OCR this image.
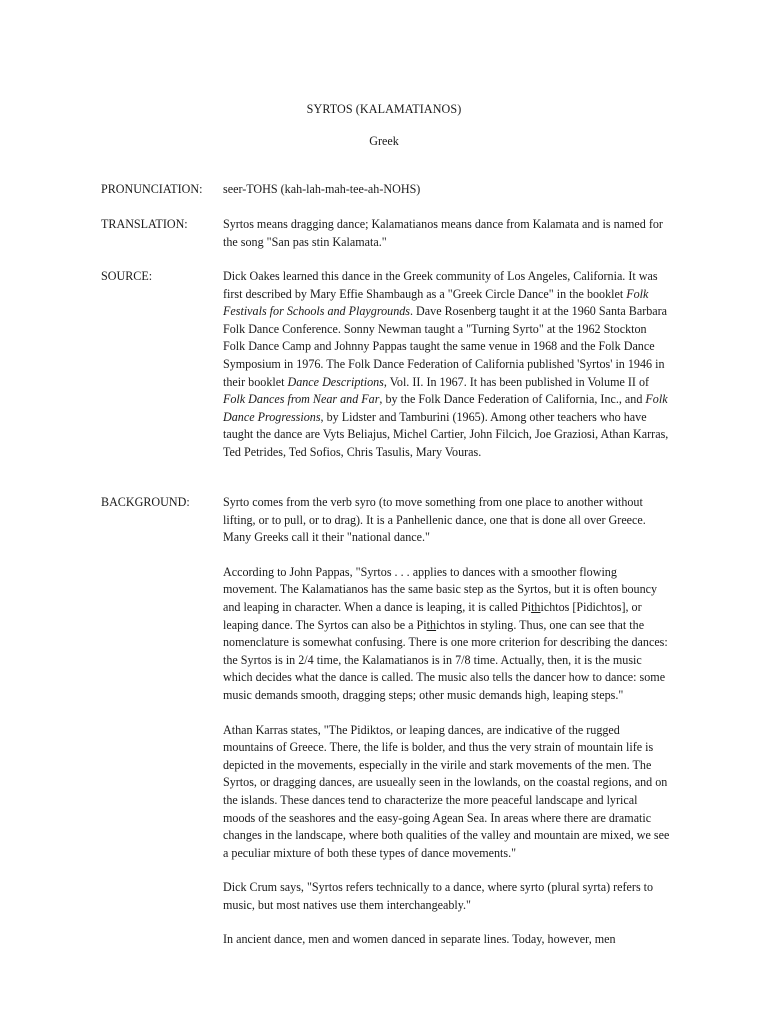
SYRTOS (KALAMATIANOS)
Greek
PRONUNCIATION:	seer-TOHS (kah-lah-mah-tee-ah-NOHS)
TRANSLATION:	Syrtos means dragging dance; Kalamatianos means dance from Kalamata and is named for the song "San pas stin Kalamata."
SOURCE:	Dick Oakes learned this dance in the Greek community of Los Angeles, California. It was first described by Mary Effie Shambaugh as a "Greek Circle Dance" in the booklet Folk Festivals for Schools and Playgrounds. Dave Rosenberg taught it at the 1960 Santa Barbara Folk Dance Conference. Sonny Newman taught a "Turning Syrto" at the 1962 Stockton Folk Dance Camp and Johnny Pappas taught the same venue in 1968 and the Folk Dance Symposium in 1976. The Folk Dance Federation of California published 'Syrtos' in 1946 in their booklet Dance Descriptions, Vol. II. In 1967. It has been published in Volume II of Folk Dances from Near and Far, by the Folk Dance Federation of California, Inc., and Folk Dance Progressions, by Lidster and Tamburini (1965). Among other teachers who have taught the dance are Vyts Beliajus, Michel Cartier, John Filcich, Joe Graziosi, Athan Karras, Ted Petrides, Ted Sofios, Chris Tasulis, Mary Vouras.
BACKGROUND:	Syrto comes from the verb syro (to move something from one place to another without lifting, or to pull, or to drag). It is a Panhellenic dance, one that is done all over Greece. Many Greeks call it their "national dance."

According to John Pappas, "Syrtos . . . applies to dances with a smoother flowing movement. The Kalamatianos has the same basic step as the Syrtos, but it is often bouncy and leaping in character. When a dance is leaping, it is called Pithichtos [Pidichtos], or leaping dance. The Syrtos can also be a Pithichtos in styling. Thus, one can see that the nomenclature is somewhat confusing. There is one more criterion for describing the dances: the Syrtos is in 2/4 time, the Kalamatianos is in 7/8 time. Actually, then, it is the music which decides what the dance is called. The music also tells the dancer how to dance: some music demands smooth, dragging steps; other music demands high, leaping steps."

Athan Karras states, "The Pidiktos, or leaping dances, are indicative of the rugged mountains of Greece. There, the life is bolder, and thus the very strain of mountain life is depicted in the movements, especially in the virile and stark movements of the men. The Syrtos, or dragging dances, are usueally seen in the lowlands, on the coastal regions, and on the islands. These dances tend to characterize the more peaceful landscape and lyrical moods of the seashores and the easy-going Agean Sea. In areas where there are dramatic changes in the landscape, where both qualities of the valley and mountain are mixed, we see a peculiar mixture of both these types of dance movements."

Dick Crum says, "Syrtos refers technically to a dance, where syrto (plural syrta) refers to music, but most natives use them interchangeably."

In ancient dance, men and women danced in separate lines. Today, however, men
